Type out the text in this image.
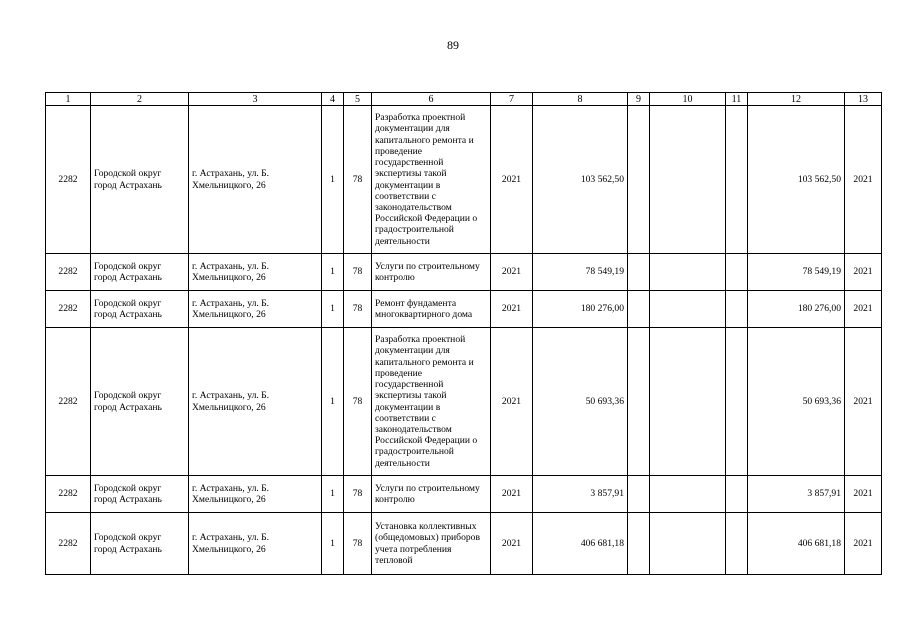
89
1	2	3	4	5	6	7	8	9	10	11	12	13
2282	Городской округ город Астрахань	г. Астрахань, ул. Б. Хмельницкого, 26	1	78	Разработка проектной документации для капитального ремонта и проведение государственной экспертизы такой документации в соответствии с законодательством Российской Федерации о градостроительной деятельности	2021	103 562,50				103 562,50	2021
2282	Городской округ город Астрахань	г. Астрахань, ул. Б. Хмельницкого, 26	1	78	Услуги по строительному контролю	2021	78 549,19				78 549,19	2021
2282	Городской округ город Астрахань	г. Астрахань, ул. Б. Хмельницкого, 26	1	78	Ремонт фундамента многоквартирного дома	2021	180 276,00				180 276,00	2021
2282	Городской округ город Астрахань	г. Астрахань, ул. Б. Хмельницкого, 26	1	78	Разработка проектной документации для капитального ремонта и проведение государственной экспертизы такой документации в соответствии с законодательством Российской Федерации о градостроительной деятельности	2021	50 693,36				50 693,36	2021
2282	Городской округ город Астрахань	г. Астрахань, ул. Б. Хмельницкого, 26	1	78	Услуги по строительному контролю	2021	3 857,91				3 857,91	2021
2282	Городской округ город Астрахань	г. Астрахань, ул. Б. Хмельницкого, 26	1	78	Установка коллективных (общедомовых) приборов учета потребления тепловой	2021	406 681,18				406 681,18	2021
